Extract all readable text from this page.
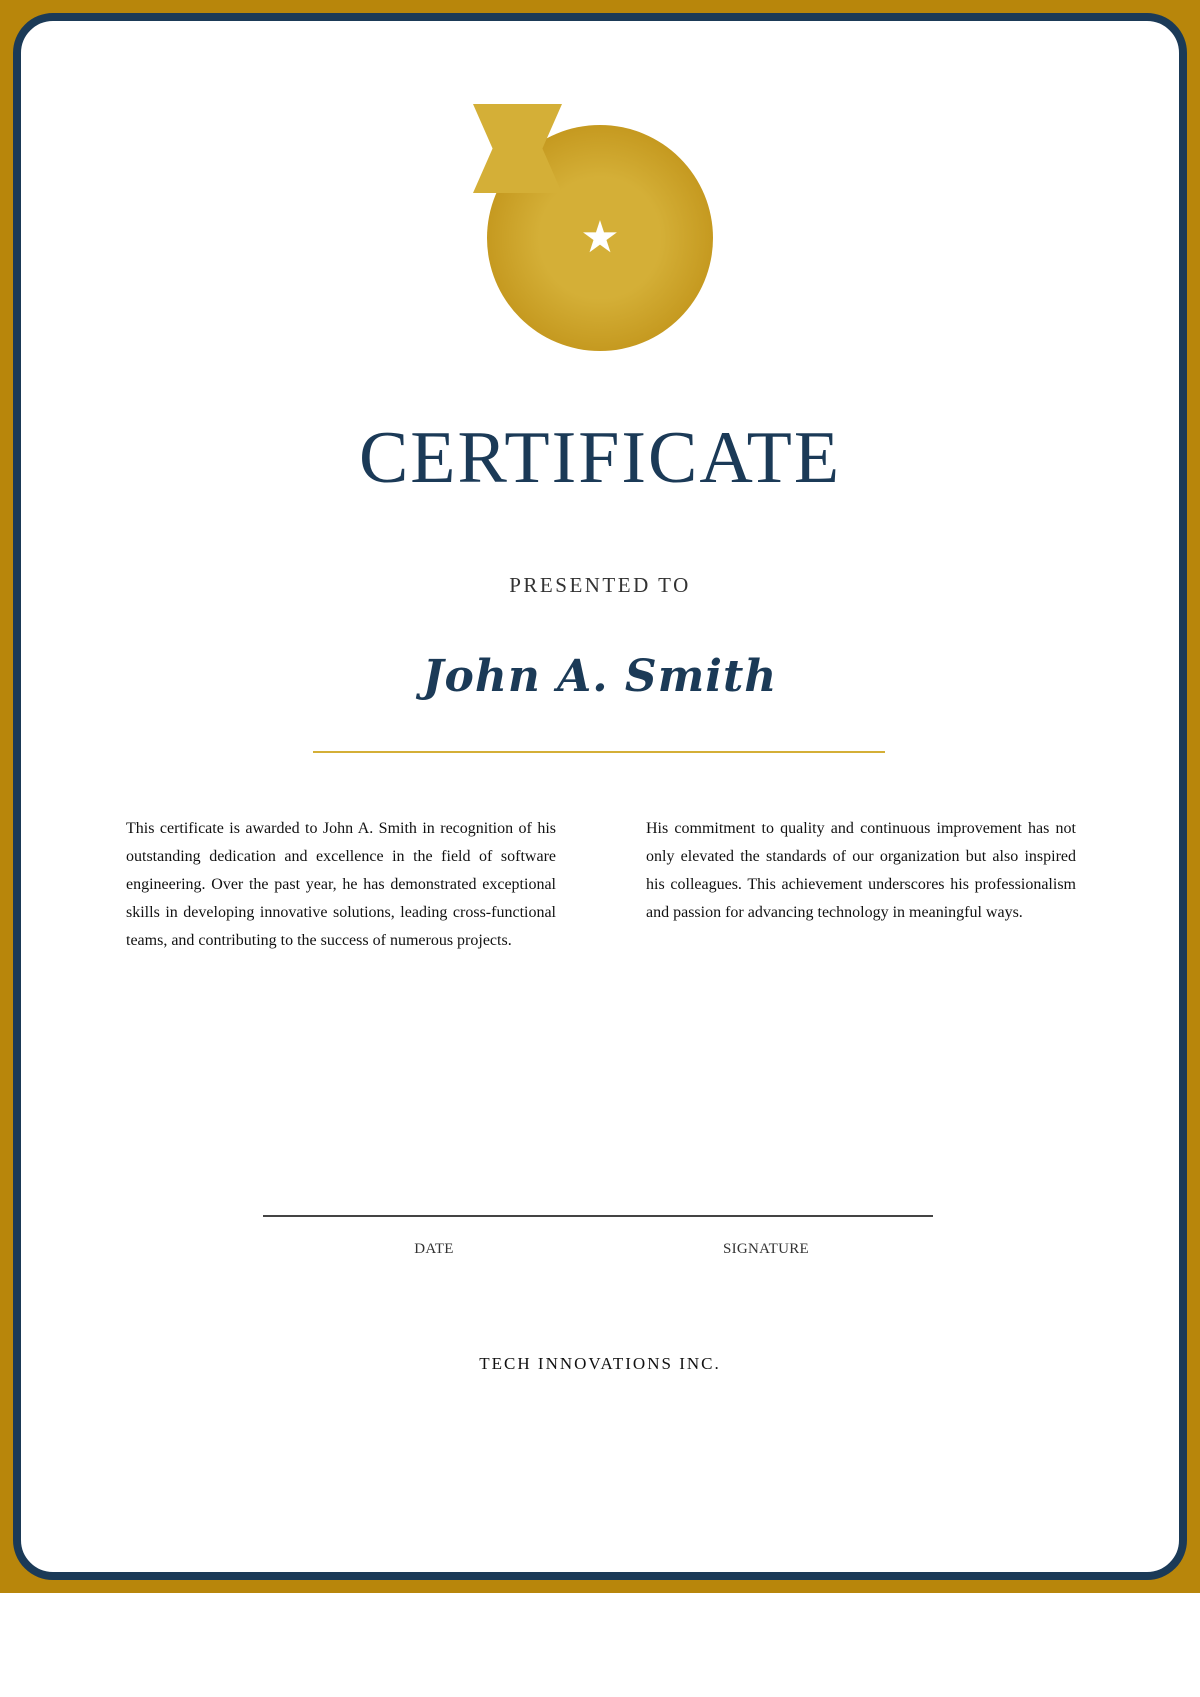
★
CERTIFICATE
PRESENTED TO
John A. Smith

This certificate is awarded to John A. Smith in recognition of his outstanding dedication and excellence in the field of software engineering. Over the past year, he has demonstrated exceptional skills in developing innovative solutions, leading cross-functional teams, and contributing to the success of numerous projects.

His commitment to quality and continuous improvement has not only elevated the standards of our organization but also inspired his colleagues. This achievement underscores his professionalism and passion for advancing technology in meaningful ways.

DATE	SIGNATURE
TECH INNOVATIONS INC.
